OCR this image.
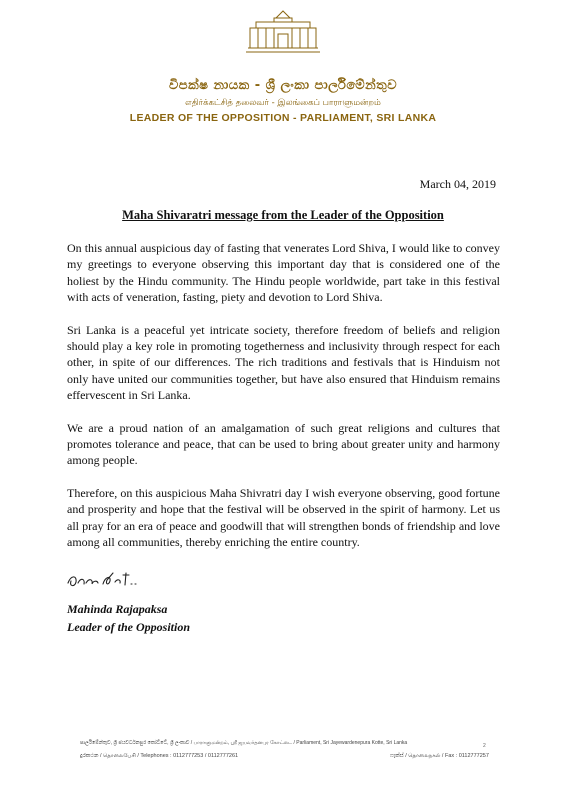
විපක්ෂ නායක - ශ්‍රී ලංකා පාර්ලිමේන්තුව
எதிர்க்கட்சித் தலைவர் - இலங்கைப் பாராளுமன்றம்
LEADER OF THE OPPOSITION - PARLIAMENT, SRI LANKA
March 04, 2019
Maha Shivaratri message from the Leader of the Opposition

On this annual auspicious day of fasting that venerates Lord Shiva, I would like to convey my greetings to everyone observing this important day that is considered one of the holiest by the Hindu community. The Hindu people worldwide, part take in this festival with acts of veneration, fasting, piety and devotion to Lord Shiva.

Sri Lanka is a peaceful yet intricate society, therefore freedom of beliefs and religion should play a key role in promoting togetherness and inclusivity through respect for each other, in spite of our differences. The rich traditions and festivals that is Hinduism not only have united our communities together, but have also ensured that Hinduism remains effervescent in Sri Lanka.

We are a proud nation of an amalgamation of such great religions and cultures that promotes tolerance and peace, that can be used to bring about greater unity and harmony among people.

Therefore, on this auspicious Maha Shivratri day I wish everyone observing, good fortune and prosperity and hope that the festival will be observed in the spirit of harmony. Let us all pray for an era of peace and goodwill that will strengthen bonds of friendship and love among all communities, thereby enriching the entire country.

Mahinda Rajapaksa
Leader of the Opposition
පාර්ලිමේන්තුව, ශ්‍රී ජයවර්ධනපුර කෝට්ටේ, ශ්‍රී ලංකාව / பாராளுமன்றம், ஸ்ரீ ஜயவர்தனபுர கோட்டை / Parliament, Sri Jayewardenepura Kotte, Sri Lanka	2
දුරකථන / தொலைபேசி / Telephones : 0112777253 / 0112777261	ෆැක්ස් / தொலைநகல் / Fax : 0112777257
